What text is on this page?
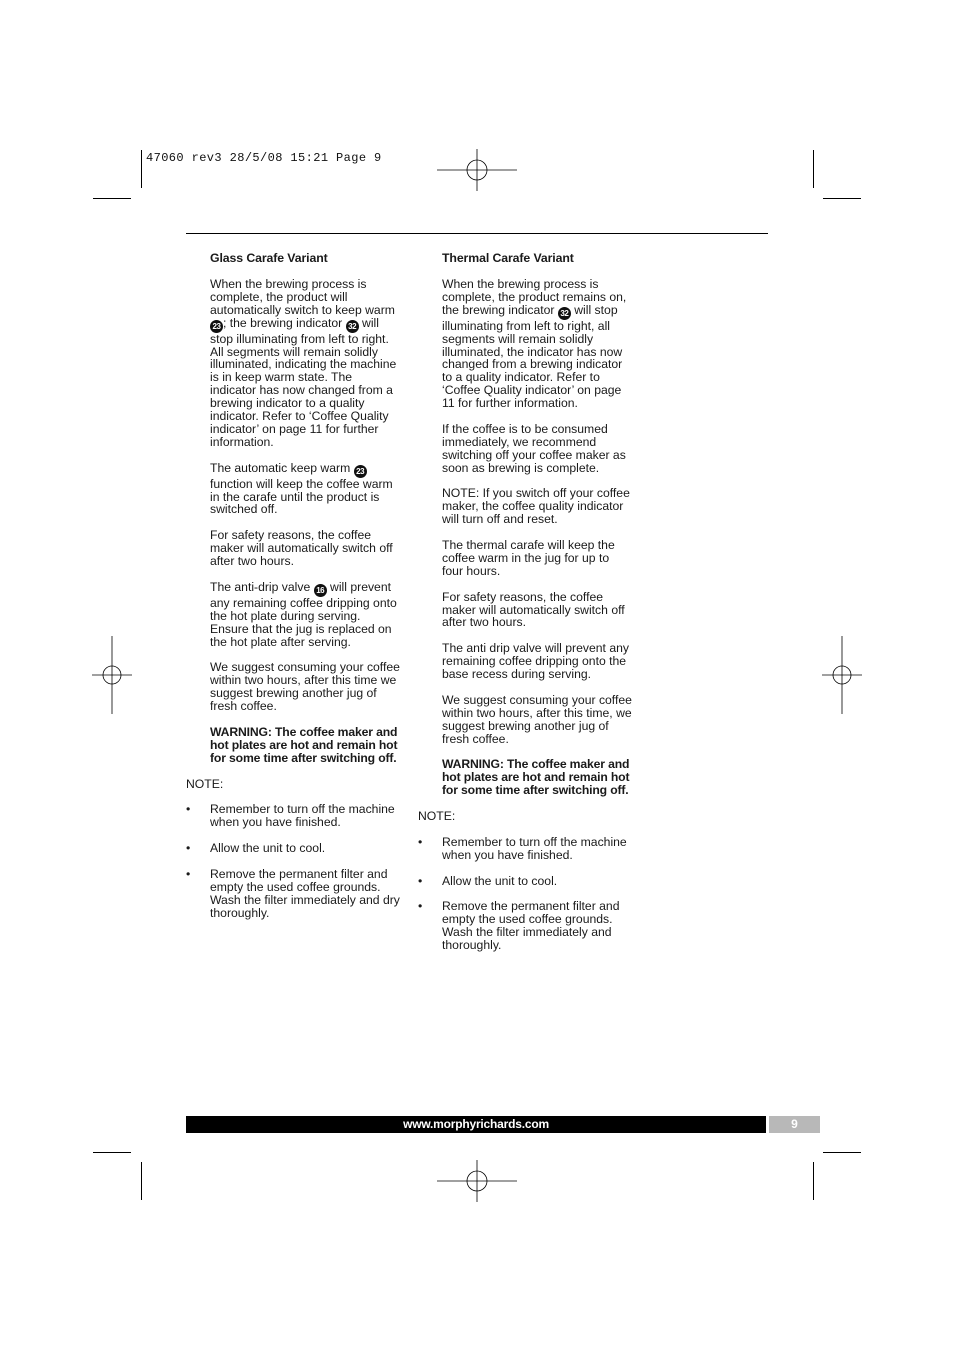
47060 rev3 28/5/08 15:21 Page 9
Glass Carafe Variant

When the brewing process is complete, the product will automatically switch to keep warm 23 ; the brewing indicator 32 will stop illuminating from left to right. All segments will remain solidly illuminated, indicating the machine is in keep warm state. The indicator has now changed from a brewing indicator to a quality indicator. Refer to ‘Coffee Quality indicator’ on page 11 for further information.

The automatic keep warm 23 function will keep the coffee warm in the carafe until the product is switched off.

For safety reasons, the coffee maker will automatically switch off after two hours.

The anti-drip valve 16 will prevent any remaining coffee dripping onto the hot plate during serving. Ensure that the jug is replaced on the hot plate after serving.

We suggest consuming your coffee within two hours, after this time we suggest brewing another jug of fresh coffee.

WARNING: The coffee maker and hot plates are hot and remain hot for some time after switching off.

NOTE:

• Remember to turn off the machine when you have finished.
• Allow the unit to cool.
• Remove the permanent filter and empty the used coffee grounds. Wash the filter immediately and dry thoroughly.
Thermal Carafe Variant

When the brewing process is complete, the product remains on, the brewing indicator 32 will stop illuminating from left to right, all segments will remain solidly illuminated, the indicator has now changed from a brewing indicator to a quality indicator. Refer to ‘Coffee Quality indicator’ on page 11 for further information.

If the coffee is to be consumed immediately, we recommend switching off your coffee maker as soon as brewing is complete.

NOTE: If you switch off your coffee maker, the coffee quality indicator will turn off and reset.

The thermal carafe will keep the coffee warm in the jug for up to four hours.

For safety reasons, the coffee maker will automatically switch off after two hours.

The anti drip valve will prevent any remaining coffee dripping onto the base recess during serving.

We suggest consuming your coffee within two hours, after this time, we suggest brewing another jug of fresh coffee.

WARNING: The coffee maker and hot plates are hot and remain hot for some time after switching off.

NOTE:

• Remember to turn off the machine when you have finished.
• Allow the unit to cool.
• Remove the permanent filter and empty the used coffee grounds. Wash the filter immediately and thoroughly.
www.morphyrichards.com	9
